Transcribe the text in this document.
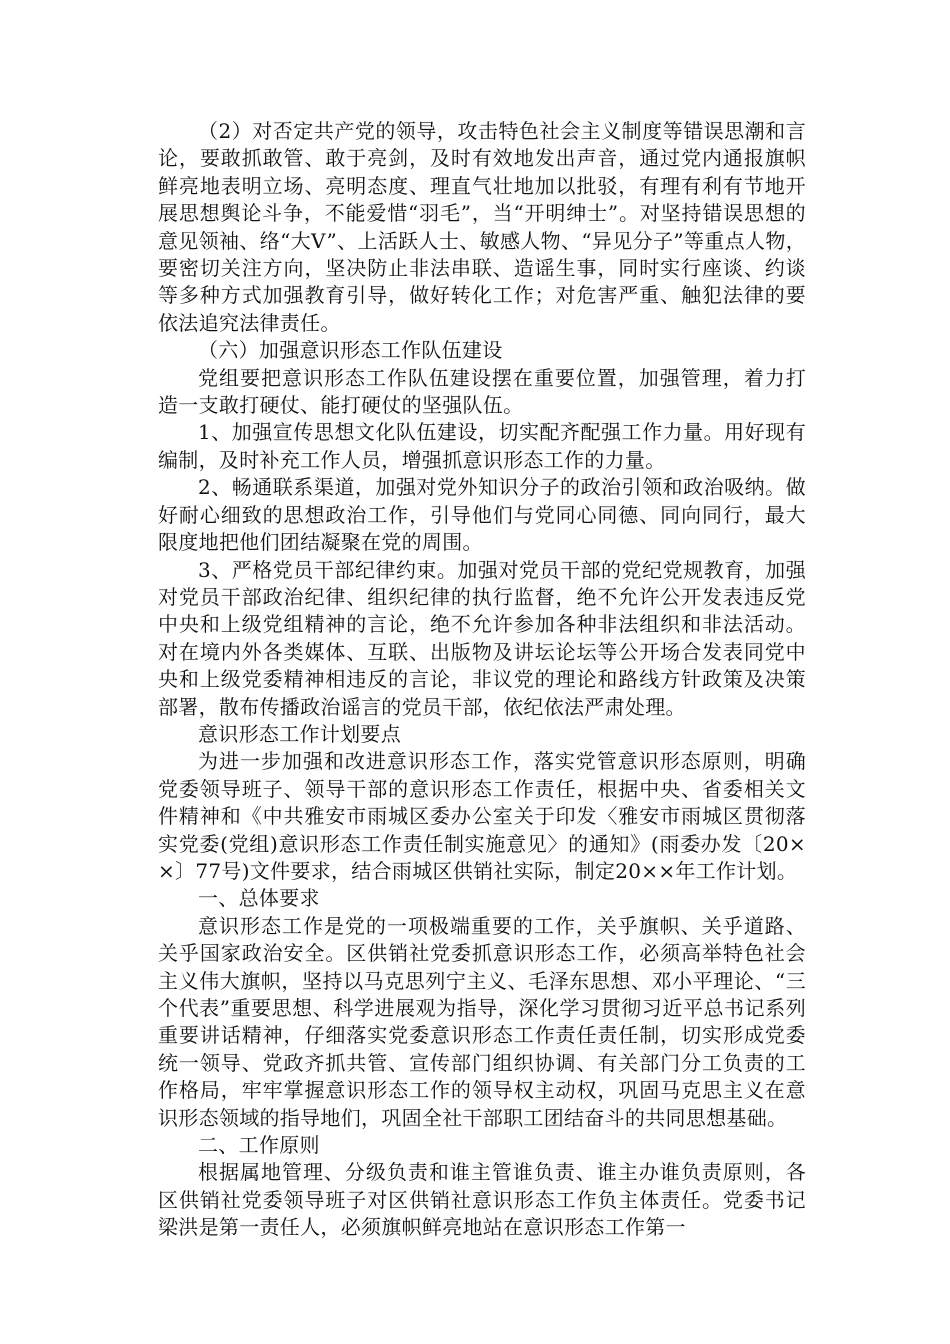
（2）对否定共产党的领导，攻击特色社会主义制度等错误思潮和言论，要敢抓敢管、敢于亮剑，及时有效地发出声音，通过党内通报旗帜鲜亮地表明立场、亮明态度、理直气壮地加以批驳，有理有利有节地开展思想舆论斗争，不能爱惜“羽毛”，当“开明绅士”。对坚持错误思想的意见领袖、络“大V”、上活跃人士、敏感人物、“异见分子”等重点人物，要密切关注方向，坚决防止非法串联、造谣生事，同时实行座谈、约谈等多种方式加强教育引导，做好转化工作；对危害严重、触犯法律的要依法追究法律责任。

（六）加强意识形态工作队伍建设

党组要把意识形态工作队伍建设摆在重要位置，加强管理，着力打造一支敢打硬仗、能打硬仗的坚强队伍。

1、加强宣传思想文化队伍建设，切实配齐配强工作力量。用好现有编制，及时补充工作人员，增强抓意识形态工作的力量。

2、畅通联系渠道，加强对党外知识分子的政治引领和政治吸纳。做好耐心细致的思想政治工作，引导他们与党同心同德、同向同行，最大限度地把他们团结凝聚在党的周围。

3、严格党员干部纪律约束。加强对党员干部的党纪党规教育，加强对党员干部政治纪律、组织纪律的执行监督，绝不允许公开发表违反党中央和上级党组精神的言论，绝不允许参加各种非法组织和非法活动。对在境内外各类媒体、互联、出版物及讲坛论坛等公开场合发表同党中央和上级党委精神相违反的言论，非议党的理论和路线方针政策及决策部署，散布传播政治谣言的党员干部，依纪依法严肃处理。

意识形态工作计划要点

为进一步加强和改进意识形态工作，落实党管意识形态原则，明确党委领导班子、领导干部的意识形态工作责任，根据中央、省委相关文件精神和《中共雅安市雨城区委办公室关于印发〈雅安市雨城区贯彻落实党委(党组)意识形态工作责任制实施意见〉的通知》(雨委办发〔20××〕77号)文件要求，结合雨城区供销社实际，制定20××年工作计划。

一、总体要求

意识形态工作是党的一项极端重要的工作，关乎旗帜、关乎道路、关乎国家政治安全。区供销社党委抓意识形态工作，必须高举特色社会主义伟大旗帜，坚持以马克思列宁主义、毛泽东思想、邓小平理论、“三个代表”重要思想、科学进展观为指导，深化学习贯彻习近平总书记系列重要讲话精神，仔细落实党委意识形态工作责任责任制，切实形成党委统一领导、党政齐抓共管、宣传部门组织协调、有关部门分工负责的工作格局，牢牢掌握意识形态工作的领导权主动权，巩固马克思主义在意识形态领域的指导地们，巩固全社干部职工团结奋斗的共同思想基础。

二、工作原则

根据属地管理、分级负责和谁主管谁负责、谁主办谁负责原则，各区供销社党委领导班子对区供销社意识形态工作负主体责任。党委书记梁洪是第一责任人，必须旗帜鲜亮地站在意识形态工作第一
